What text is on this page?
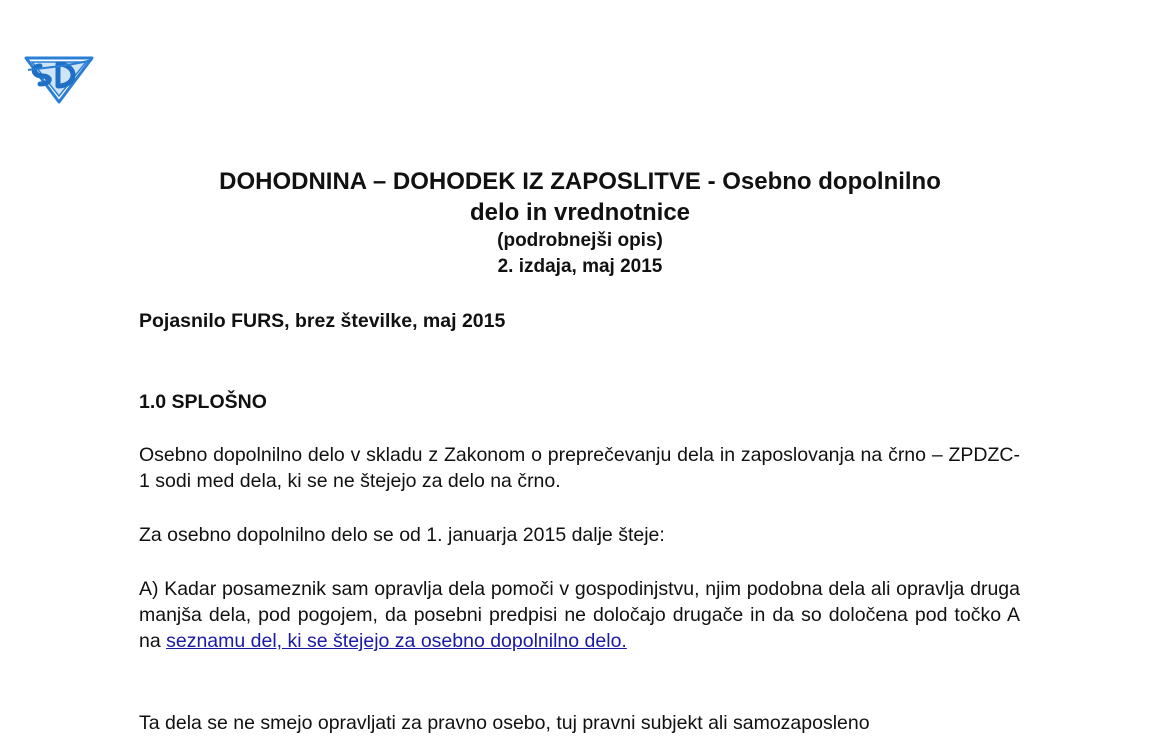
DOHODNINA – DOHODEK IZ ZAPOSLITVE - Osebno dopolnilno

delo in vrednotnice

(podrobnejši opis)

2. izdaja, maj 2015

Pojasnilo FURS, brez številke, maj 2015

1.0 SPLOŠNO

Osebno dopolnilno delo v skladu z Zakonom o preprečevanju dela in zaposlovanja na črno – ZPDZC-1 sodi med dela, ki se ne štejejo za delo na črno.

Za osebno dopolnilno delo se od 1. januarja 2015 dalje šteje:

A) Kadar posameznik sam opravlja dela pomoči v gospodinjstvu, njim podobna dela ali opravlja druga manjša dela, pod pogojem, da posebni predpisi ne določajo drugače in da so določena pod točko A na seznamu del, ki se štejejo za osebno dopolnilno delo.

Ta dela se ne smejo opravljati za pravno osebo, tuj pravni subjekt ali samozaposleno
